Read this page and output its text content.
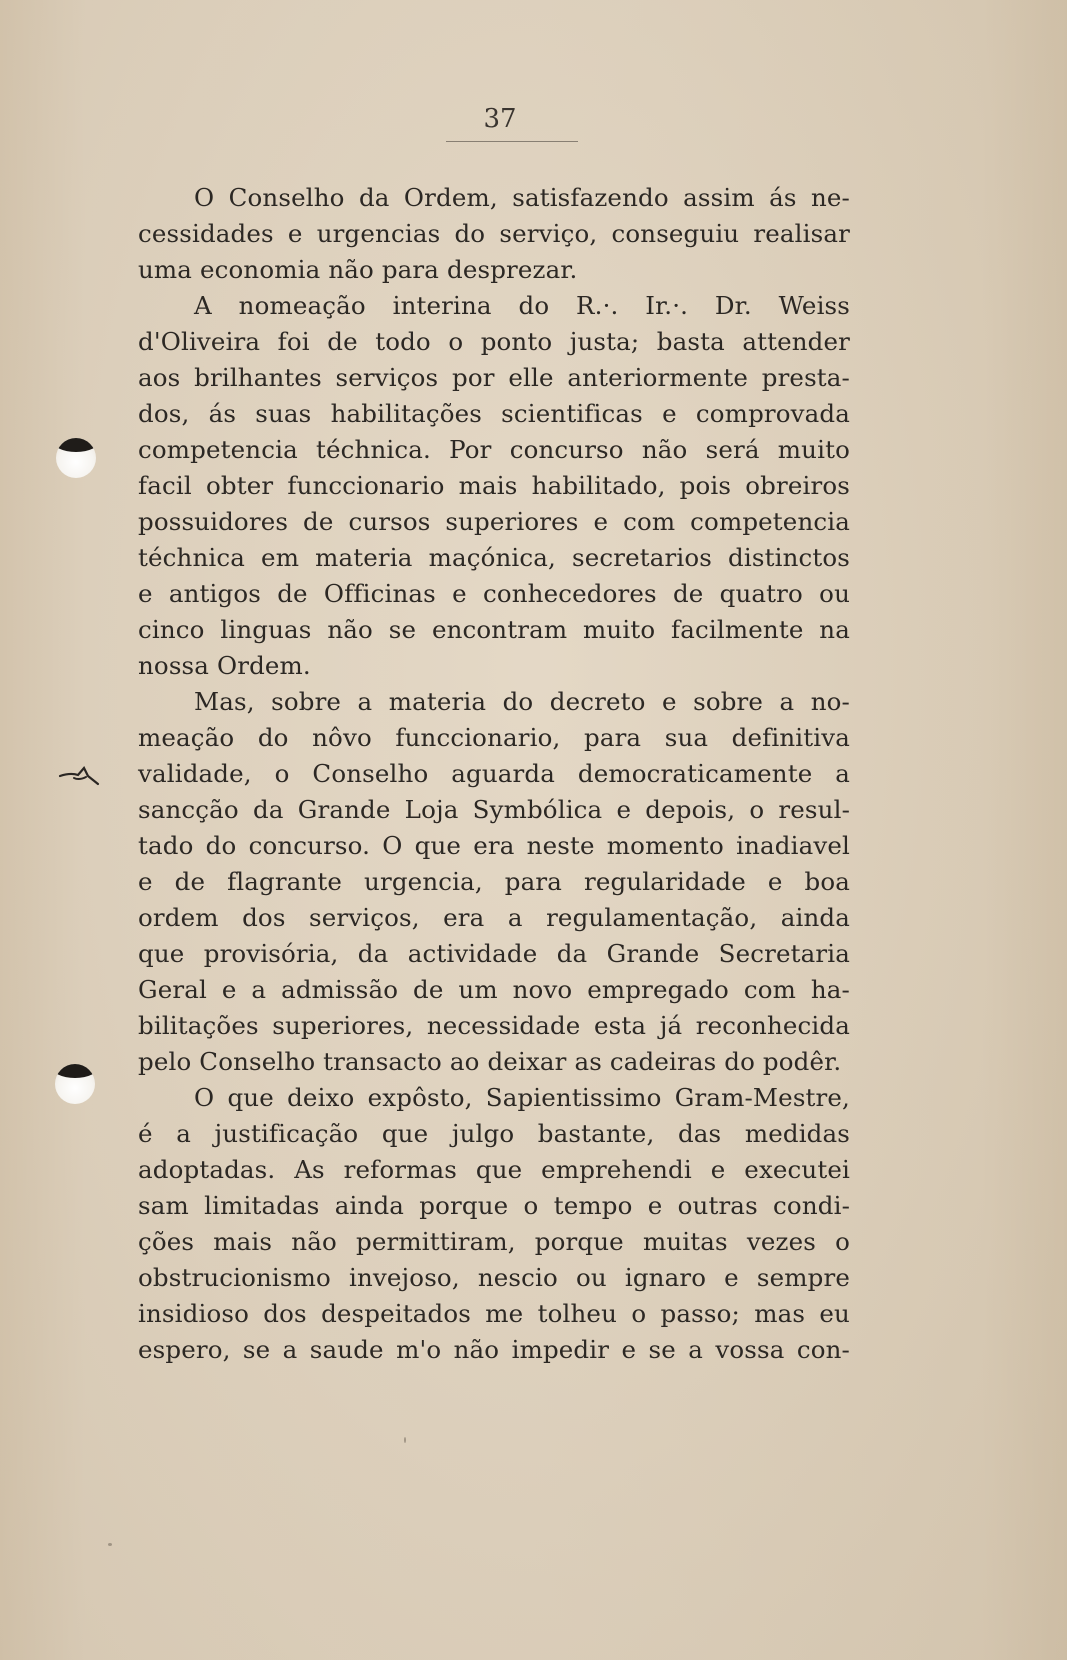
37
O Conselho da Ordem, satisfazendo assim ás ne-
cessidades e urgencias do serviço, conseguiu realisar
uma economia não para desprezar.
A nomeação interina do R.·. Ir.·. Dr. Weiss
d'Oliveira foi de todo o ponto justa; basta attender
aos brilhantes serviços por elle anteriormente presta-
dos, ás suas habilitações scientificas e comprovada
competencia téchnica. Por concurso não será muito
facil obter funccionario mais habilitado, pois obreiros
possuidores de cursos superiores e com competencia
téchnica em materia maçónica, secretarios distinctos
e antigos de Officinas e conhecedores de quatro ou
cinco linguas não se encontram muito facilmente na
nossa Ordem.
Mas, sobre a materia do decreto e sobre a no-
meação do nôvo funccionario, para sua definitiva
validade, o Conselho aguarda democraticamente a
sancção da Grande Loja Symbólica e depois, o resul-
tado do concurso. O que era neste momento inadiavel
e de flagrante urgencia, para regularidade e boa
ordem dos serviços, era a regulamentação, ainda
que provisória, da actividade da Grande Secretaria
Geral e a admissão de um novo empregado com ha-
bilitações superiores, necessidade esta já reconhecida
pelo Conselho transacto ao deixar as cadeiras do podêr.
O que deixo expôsto, Sapientissimo Gram-Mestre,
é a justificação que julgo bastante, das medidas
adoptadas. As reformas que emprehendi e executei
sam limitadas ainda porque o tempo e outras condi-
ções mais não permittiram, porque muitas vezes o
obstrucionismo invejoso, nescio ou ignaro e sempre
insidioso dos despeitados me tolheu o passo; mas eu
espero, se a saude m'o não impedir e se a vossa con-
